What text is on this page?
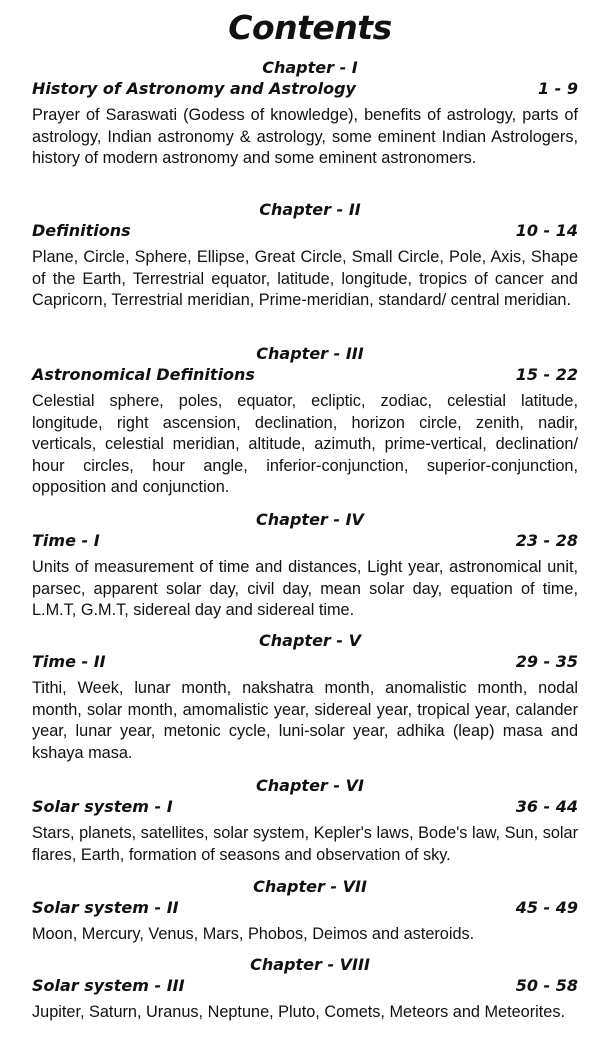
Contents
Chapter - I
History of Astronomy and Astrology	1 - 9
Prayer of Saraswati (Godess of knowledge), benefits of astrology, parts of astrology, Indian astronomy & astrology, some eminent Indian Astrologers, history of modern astronomy and some eminent astronomers.
Chapter - II
Definitions	10 - 14
Plane, Circle, Sphere, Ellipse, Great Circle, Small Circle, Pole, Axis, Shape of the Earth, Terrestrial equator, latitude, longitude, tropics of cancer and Capricorn, Terrestrial meridian, Prime-meridian, standard/ central meridian.
Chapter - III
Astronomical Definitions	15 - 22
Celestial sphere, poles, equator, ecliptic, zodiac, celestial latitude, longitude, right ascension, declination, horizon circle, zenith, nadir, verticals, celestial meridian, altitude, azimuth, prime-vertical, declination/ hour circles, hour angle, inferior-conjunction, superior-conjunction, opposition and conjunction.
Chapter - IV
Time - I	23 - 28
Units of measurement of time and distances, Light year, astronomical unit, parsec, apparent solar day, civil day, mean solar day, equation of time, L.M.T, G.M.T, sidereal day and sidereal time.
Chapter - V
Time - II	29 - 35
Tithi, Week, lunar month, nakshatra month, anomalistic month, nodal month, solar month, amomalistic year, sidereal year, tropical year, calander year, lunar year, metonic cycle, luni-solar year, adhika (leap) masa and kshaya masa.
Chapter - VI
Solar system - I	36 - 44
Stars, planets, satellites, solar system, Kepler's laws, Bode's law, Sun, solar flares, Earth, formation of seasons and observation of sky.
Chapter - VII
Solar system - II	45 - 49
Moon, Mercury, Venus, Mars, Phobos, Deimos and asteroids.
Chapter - VIII
Solar system - III	50 - 58
Jupiter, Saturn, Uranus, Neptune, Pluto, Comets, Meteors and Meteorites.
